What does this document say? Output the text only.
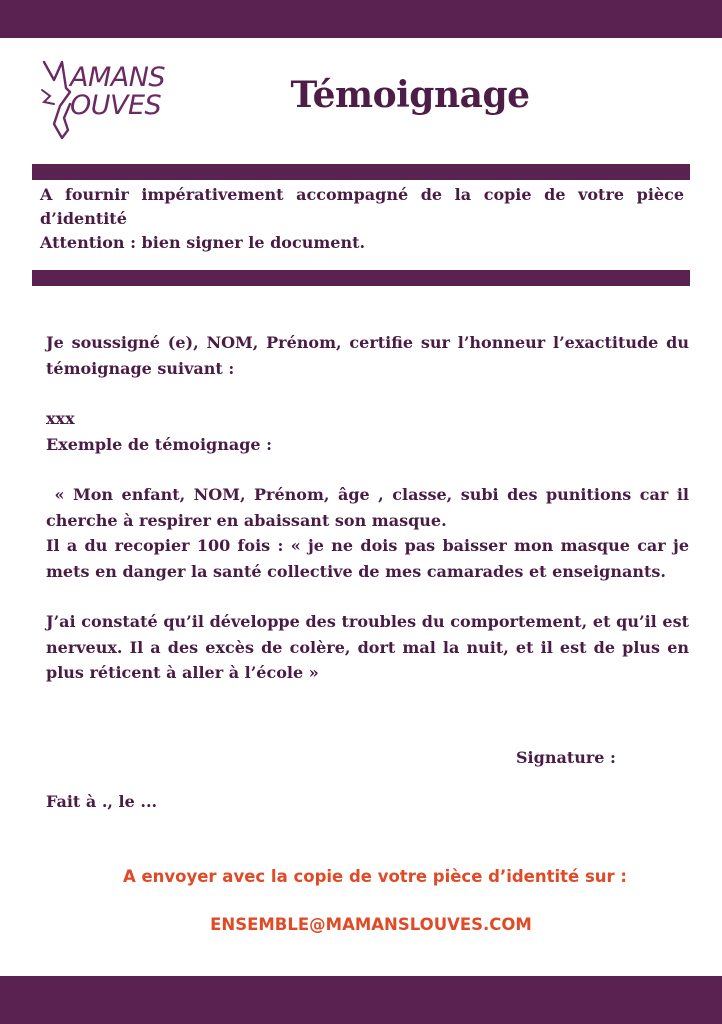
AMANS
OUVES	Témoignage

A fournir impérativement accompagné de la copie de votre pièce d’identité

Attention : bien signer le document.

Je soussigné (e), NOM, Prénom, certifie sur l’honneur l’exactitude du témoignage suivant :

xxx

Exemple de témoignage :

« Mon enfant, NOM, Prénom, âge , classe, subi des punitions car il cherche à respirer en abaissant son masque.

Il a du recopier 100 fois : « je ne dois pas baisser mon masque car je mets en danger la santé collective de mes camarades et enseignants.

J’ai constaté qu’il développe des troubles du comportement, et qu’il est nerveux. Il a des excès de colère, dort mal la nuit, et il est de plus en plus réticent à aller à l’école »

Signature :
Fait à ., le ...
A envoyer avec la copie de votre pièce d’identité sur :
ENSEMBLE@MAMANSLOUVES.COM
